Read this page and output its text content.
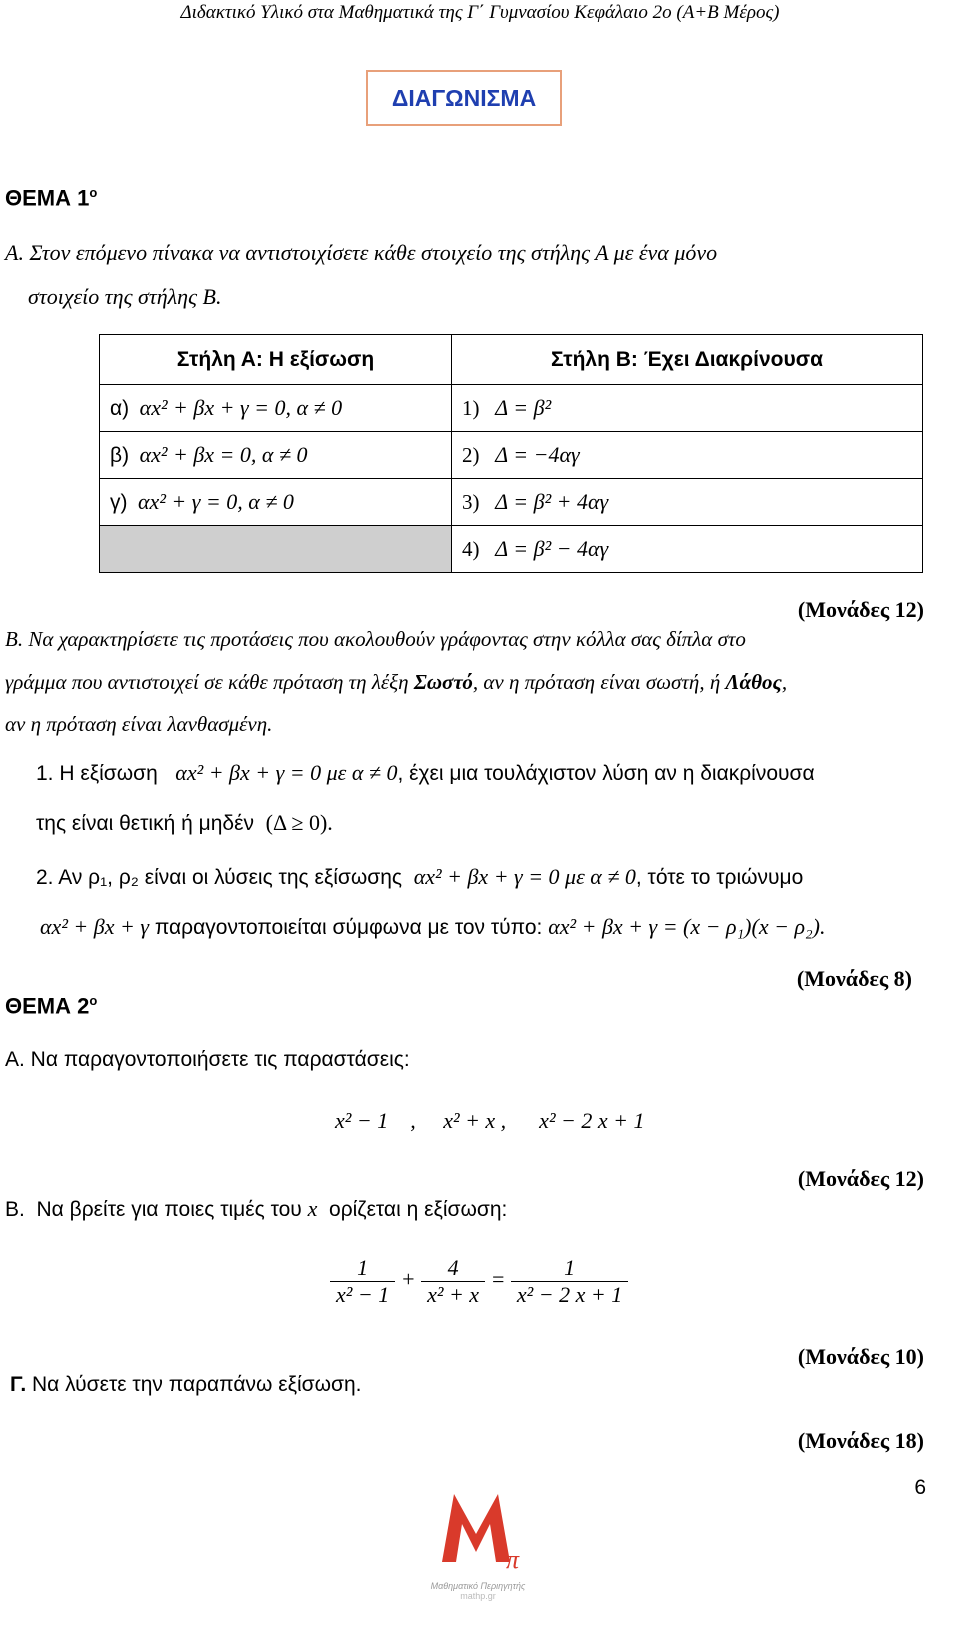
Διδακτικό Υλικό στα Μαθηματικά της Γ΄ Γυμνασίου Κεφάλαιο 2ο (Α+Β Μέρος)
ΔΙΑΓΩΝΙΣΜΑ
ΘΕΜΑ $1^o$
A. Στον επόμενο πίνακα να αντιστοιχίσετε κάθε στοιχείο της στήλης Α με ένα μόνο
στοιχείο της στήλης Β.
Στήλη Α: Η εξίσωση	Στήλη Β: Έχει Διακρίνουσα
α) αx² + βx + γ = 0, α ≠ 0	1) Δ = β²
β) αx² + βx = 0, α ≠ 0	2) Δ = −4αγ
γ) αx² + γ = 0, α ≠ 0	3) Δ = β² + 4αγ
	4) Δ = β² − 4αγ
(Μονάδες 12)
Β. Να χαρακτηρίσετε τις προτάσεις που ακολουθούν γράφοντας στην κόλλα σας δίπλα στο
γράμμα που αντιστοιχεί σε κάθε πρόταση τη λέξη Σωστό, αν η πρόταση είναι σωστή, ή Λάθος,
αν η πρόταση είναι λανθασμένη.
1. Η εξίσωση αx² + βx + γ = 0 με α ≠ 0, έχει μια τουλάχιστον λύση αν η διακρίνουσα
της είναι θετική ή μηδέν (Δ ≥ 0).
2. Αν ρ₁, ρ₂ είναι οι λύσεις της εξίσωσης αx² + βx + γ = 0 με α ≠ 0, τότε το τριώνυμο
αx² + βx + γ παραγοντοποιείται σύμφωνα με τον τύπο: αx² + βx + γ = (x − ρ₁)(x − ρ₂).
(Μονάδες 8)
ΘΕΜΑ $2^o$
Α. Να παραγοντοποιήσετε τις παραστάσεις:
x² − 1    ,     x² + x ,      x² − 2 x + 1
(Μονάδες 12)
Β. Να βρείτε για ποιες τιμές του x ορίζεται η εξίσωση:
$\frac{1}{\text{x² − 1}} + \frac{4}{\text{x² + x}} = \frac{1}{\text{x² − 2 x + 1}}$
(Μονάδες 10)
Γ. Να λύσετε την παραπάνω εξίσωση.
(Μονάδες 18)
6
π
Μαθηματικό Περιηγητής
mathp.gr
